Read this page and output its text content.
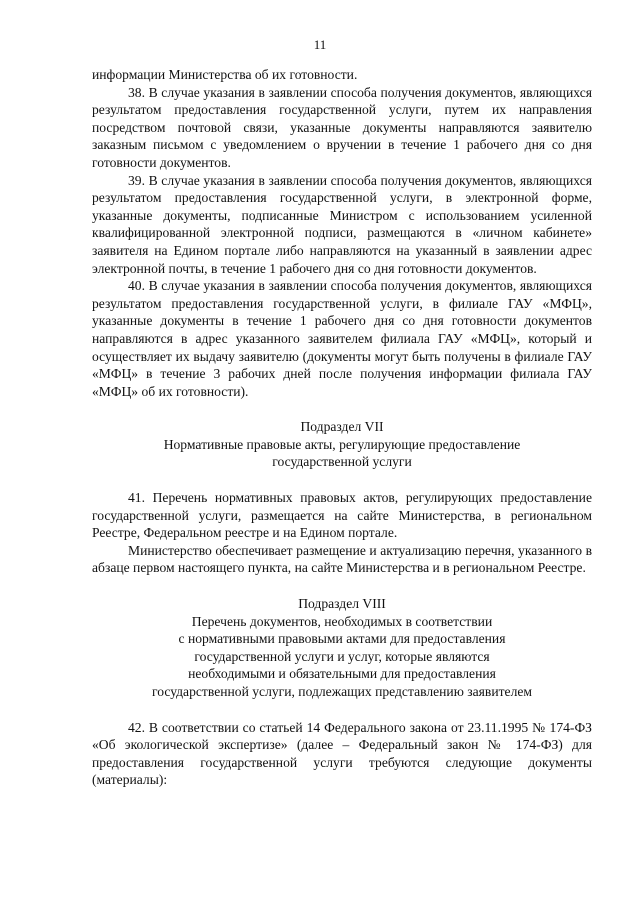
11

информации Министерства об их готовности.

38. В случае указания в заявлении способа получения документов, являющихся результатом предоставления государственной услуги, путем их направления посредством почтовой связи, указанные документы направляются заявителю заказным письмом с уведомлением о вручении в течение 1 рабочего дня со дня готовности документов.

39. В случае указания в заявлении способа получения документов, являющихся результатом предоставления государственной услуги, в электронной форме, указанные документы, подписанные Министром с использованием усиленной квалифицированной электронной подписи, размещаются в «личном кабинете» заявителя на Едином портале либо направляются на указанный в заявлении адрес электронной почты, в течение 1 рабочего дня со дня готовности документов.

40. В случае указания в заявлении способа получения документов, являющихся результатом предоставления государственной услуги, в филиале ГАУ «МФЦ», указанные документы в течение 1 рабочего дня со дня готовности документов направляются в адрес указанного заявителем филиала ГАУ «МФЦ», который и осуществляет их выдачу заявителю (документы могут быть получены в филиале ГАУ «МФЦ» в течение 3 рабочих дней после получения информации филиала ГАУ «МФЦ» об их готовности).

Подраздел VII
Нормативные правовые акты, регулирующие предоставление
государственной услуги

41. Перечень нормативных правовых актов, регулирующих предоставление государственной услуги, размещается на сайте Министерства, в региональном Реестре, Федеральном реестре и на Едином портале.

Министерство обеспечивает размещение и актуализацию перечня, указанного в абзаце первом настоящего пункта, на сайте Министерства и в региональном Реестре.

Подраздел VIII
Перечень документов, необходимых в соответствии
с нормативными правовыми актами для предоставления
государственной услуги и услуг, которые являются
необходимыми и обязательными для предоставления
государственной услуги, подлежащих представлению заявителем

42. В соответствии со статьей 14 Федерального закона от 23.11.1995 № 174-ФЗ «Об экологической экспертизе» (далее – Федеральный закон № 174-ФЗ) для предоставления государственной услуги требуются следующие документы (материалы):
